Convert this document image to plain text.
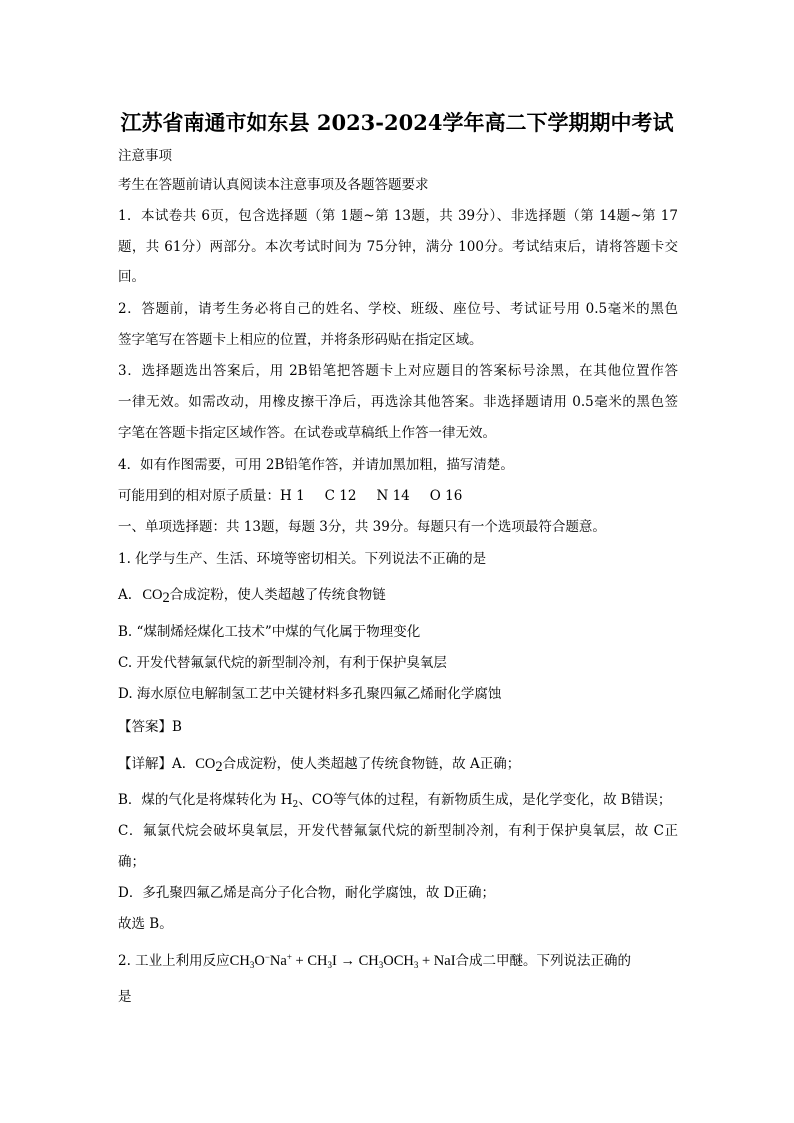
江苏省南通市如东县 2023-2024学年高二下学期期中考试
注意事项
考生在答题前请认真阅读本注意事项及各题答题要求
1．本试卷共 6页，包含选择题（第 1题~第 13题，共 39分）、非选择题（第 14题~第 17
题，共 61分）两部分。本次考试时间为 75分钟，满分 100分。考试结束后，请将答题卡交
回。
2．答题前，请考生务必将自己的姓名、学校、班级、座位号、考试证号用 0.5毫米的黑色
签字笔写在答题卡上相应的位置，并将条形码贴在指定区域。
3．选择题选出答案后，用 2B铅笔把答题卡上对应题目的答案标号涂黑，在其他位置作答
一律无效。如需改动，用橡皮擦干净后，再选涂其他答案。非选择题请用 0.5毫米的黑色签
字笔在答题卡指定区域作答。在试卷或草稿纸上作答一律无效。
4．如有作图需要，可用 2B铅笔作答，并请加黑加粗，描写清楚。
可能用到的相对原子质量：H 1 C 12 N 14 O 16
一、单项选择题：共 13题，每题 3分，共 39分。每题只有一个选项最符合题意。
1. 化学与生产、生活、环境等密切相关。下列说法不正确的是
A. $CO_2$合成淀粉，使人类超越了传统食物链
B. “煤制烯烃煤化工技术”中煤的气化属于物理变化
C. 开发代替氟氯代烷的新型制冷剂，有利于保护臭氧层
D. 海水原位电解制氢工艺中关键材料多孔聚四氟乙烯耐化学腐蚀
【答案】B
【详解】A．$CO_2$合成淀粉，使人类超越了传统食物链，故 A正确；
B．煤的气化是将煤转化为 $H_2$、CO等气体的过程，有新物质生成，是化学变化，故 B错误；
C．氟氯代烷会破坏臭氧层，开发代替氟氯代烷的新型制冷剂，有利于保护臭氧层，故 C正
确；
D．多孔聚四氟乙烯是高分子化合物，耐化学腐蚀，故 D正确；
故选 B。
2. 工业上利用反应$CH_3O^-Na^+ + CH_3I \to CH_3OCH_3$ + NaI合成二甲醚。下列说法正确的
是
